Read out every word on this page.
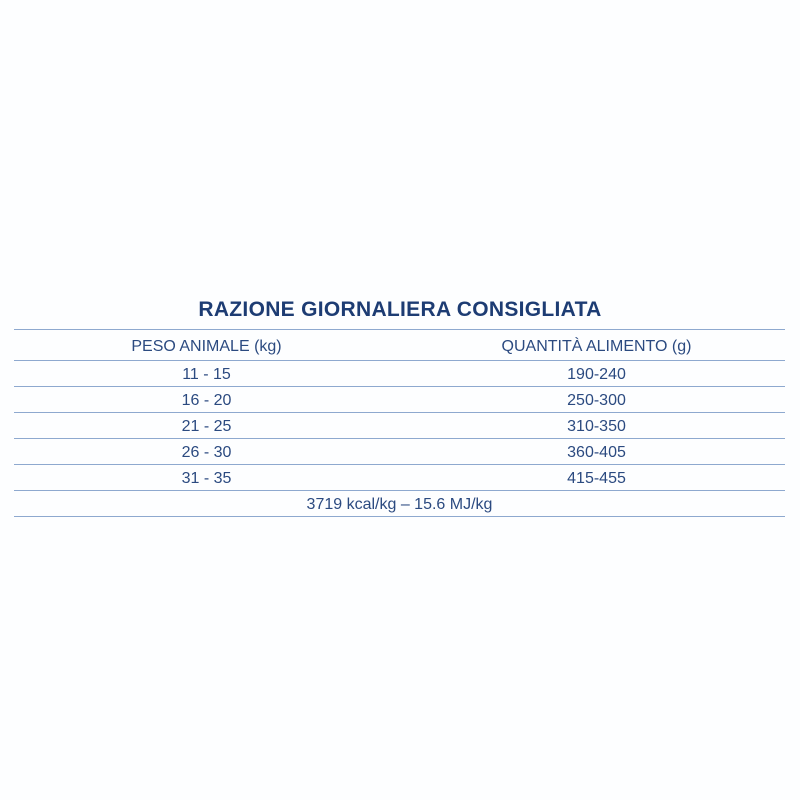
RAZIONE GIORNALIERA CONSIGLIATA
PESO ANIMALE (kg)	QUANTITÀ ALIMENTO (g)
11 - 15	190-240
16 - 20	250-300
21 - 25	310-350
26 - 30	360-405
31 - 35	415-455
3719 kcal/kg – 15.6 MJ/kg
